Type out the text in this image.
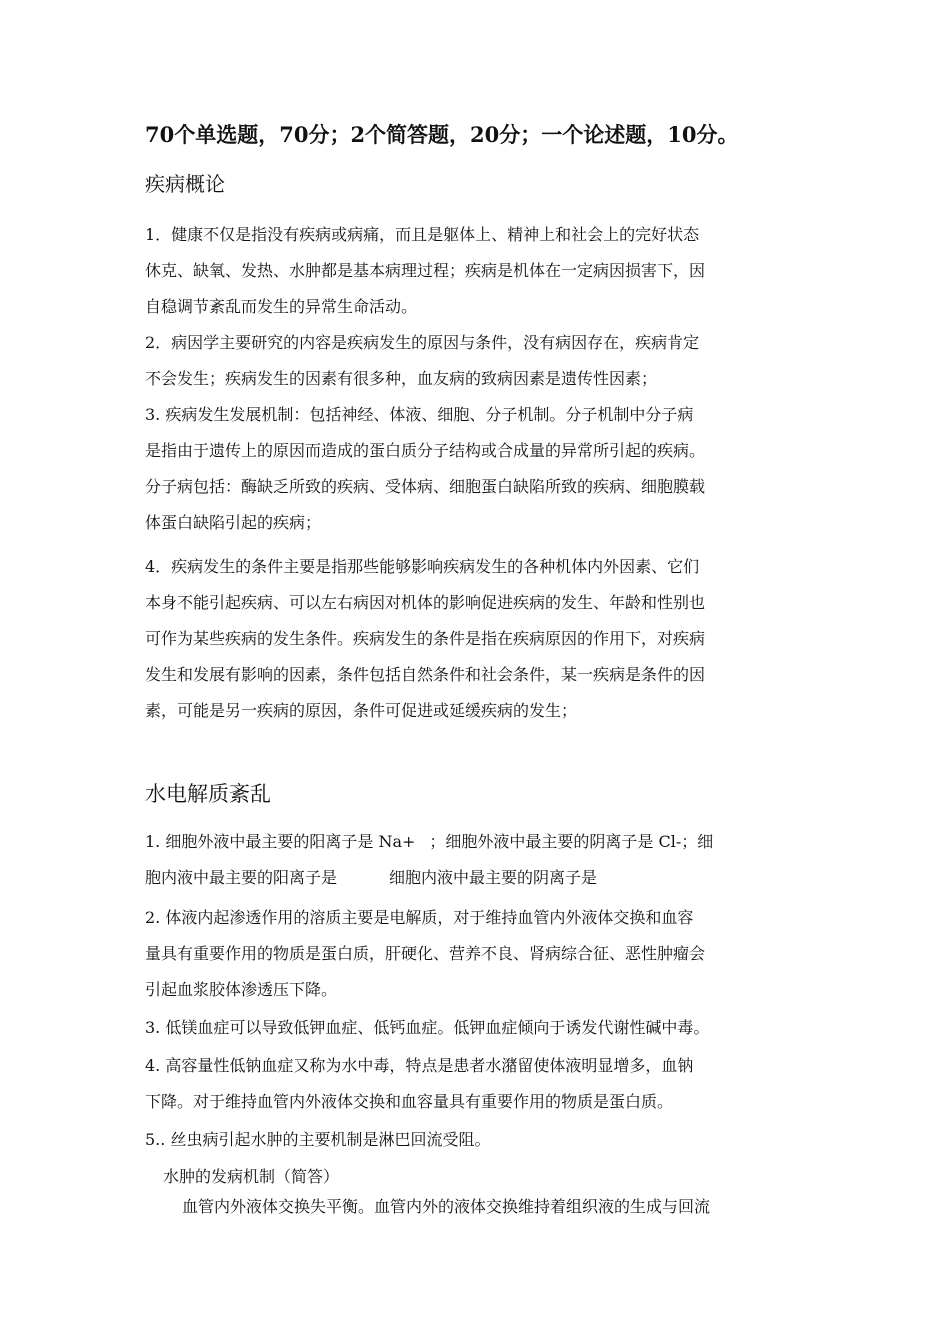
70个单选题，70分；2个简答题，20分；一个论述题，10分。
疾病概论
1．健康不仅是指没有疾病或病痛，而且是躯体上、精神上和社会上的完好状态
休克、缺氧、发热、水肿都是基本病理过程；疾病是机体在一定病因损害下，因
自稳调节紊乱而发生的异常生命活动。
2．病因学主要研究的内容是疾病发生的原因与条件，没有病因存在，疾病肯定
不会发生；疾病发生的因素有很多种，血友病的致病因素是遗传性因素；
3. 疾病发生发展机制：包括神经、体液、细胞、分子机制。分子机制中分子病
是指由于遗传上的原因而造成的蛋白质分子结构或合成量的异常所引起的疾病。
分子病包括：酶缺乏所致的疾病、受体病、细胞蛋白缺陷所致的疾病、细胞膜载
体蛋白缺陷引起的疾病；
4．疾病发生的条件主要是指那些能够影响疾病发生的各种机体内外因素、它们
本身不能引起疾病、可以左右病因对机体的影响促进疾病的发生、年龄和性别也
可作为某些疾病的发生条件。疾病发生的条件是指在疾病原因的作用下，对疾病
发生和发展有影响的因素，条件包括自然条件和社会条件，某一疾病是条件的因
素，可能是另一疾病的原因，条件可促进或延缓疾病的发生；
水电解质紊乱
1. 细胞外液中最主要的阳离子是 Na+ ；细胞外液中最主要的阴离子是 Cl-；细
胞内液中最主要的阳离子是	细胞内液中最主要的阴离子是
2. 体液内起渗透作用的溶质主要是电解质，对于维持血管内外液体交换和血容
量具有重要作用的物质是蛋白质，肝硬化、营养不良、肾病综合征、恶性肿瘤会
引起血浆胶体渗透压下降。
3. 低镁血症可以导致低钾血症、低钙血症。低钾血症倾向于诱发代谢性碱中毒。
4. 高容量性低钠血症又称为水中毒，特点是患者水潴留使体液明显增多，血钠
下降。对于维持血管内外液体交换和血容量具有重要作用的物质是蛋白质。
5.. 丝虫病引起水肿的主要机制是淋巴回流受阻。
水肿的发病机制（简答）
血管内外液体交换失平衡。血管内外的液体交换维持着组织液的生成与回流
